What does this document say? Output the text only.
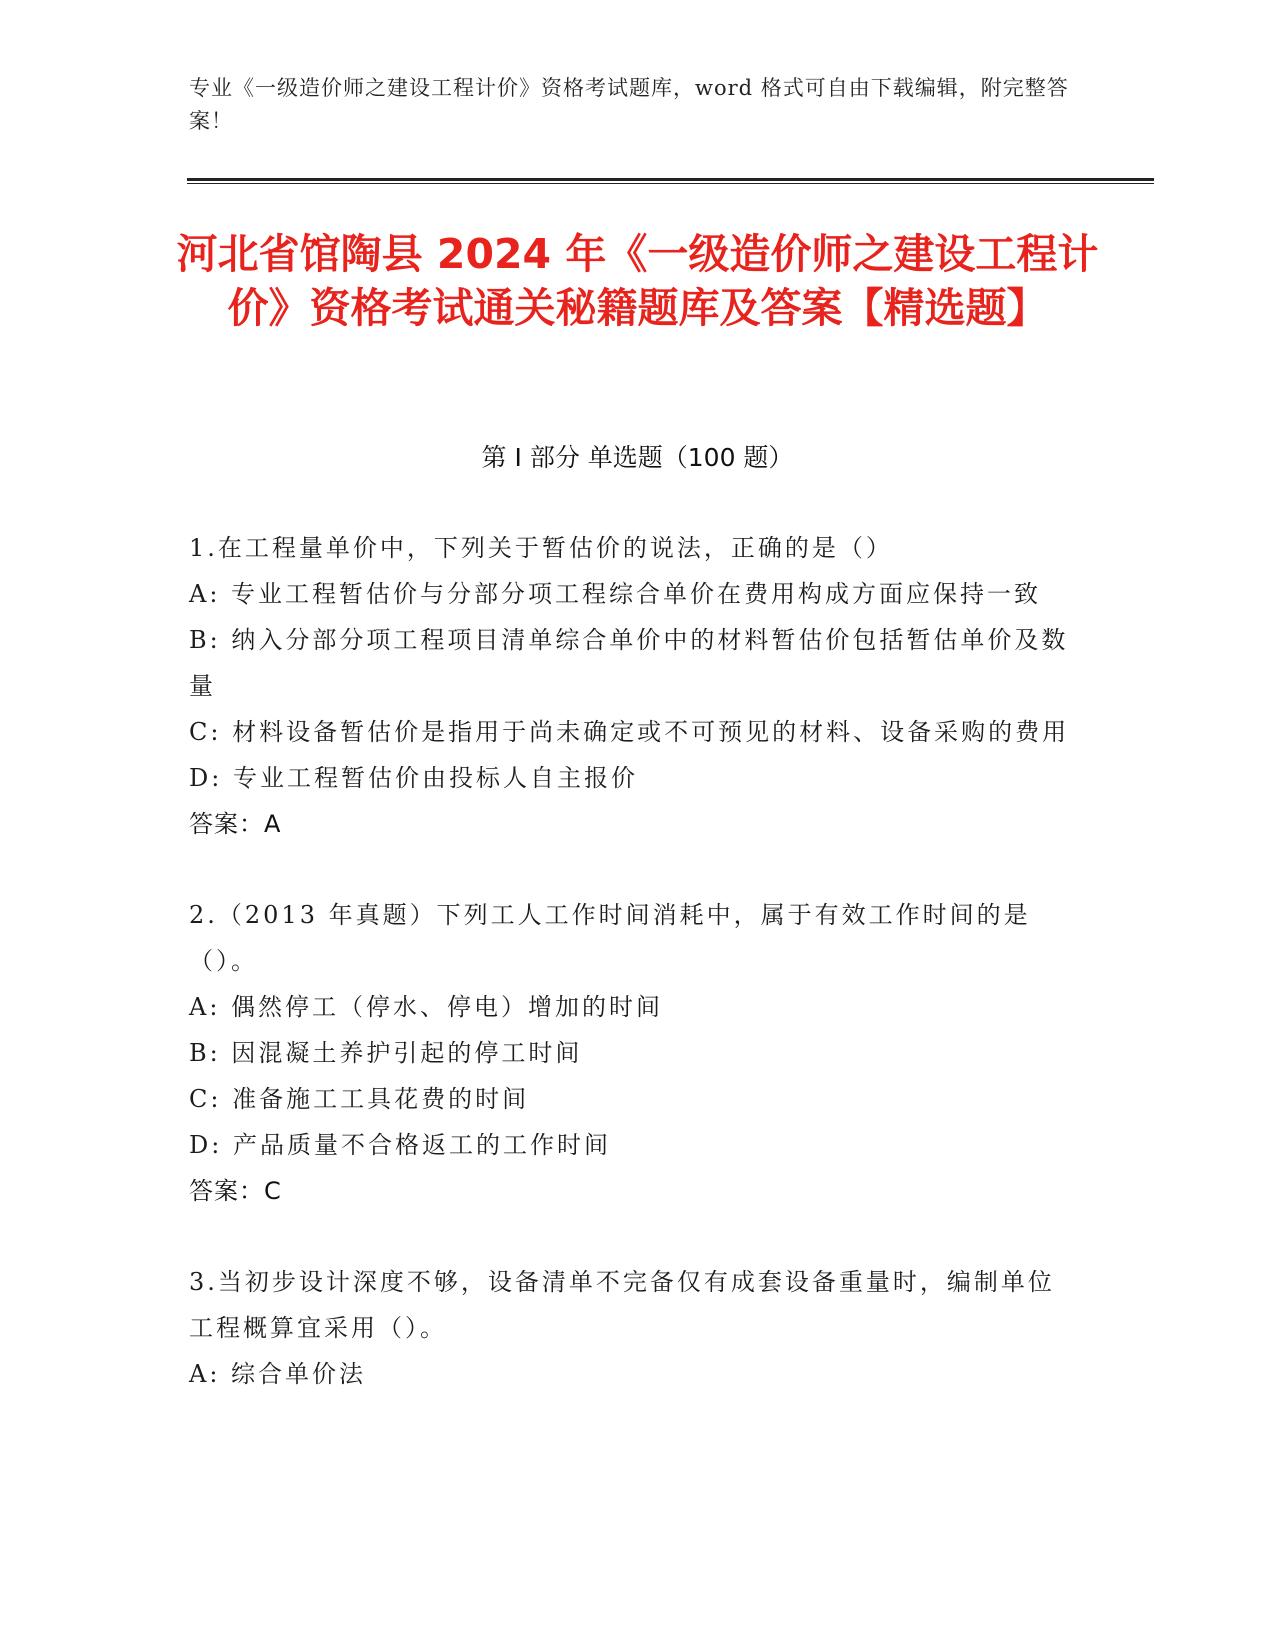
专业《一级造价师之建设工程计价》资格考试题库，word 格式可自由下载编辑，附完整答案！
河北省馆陶县 2024 年《一级造价师之建设工程计价》资格考试通关秘籍题库及答案【精选题】
第 I 部分 单选题（100 题）

1.在工程量单价中，下列关于暂估价的说法，正确的是（）

A: 专业工程暂估价与分部分项工程综合单价在费用构成方面应保持一致

B: 纳入分部分项工程项目清单综合单价中的材料暂估价包括暂估单价及数量

C: 材料设备暂估价是指用于尚未确定或不可预见的材料、设备采购的费用

D: 专业工程暂估价由投标人自主报价

答案：A

2.（2013 年真题）下列工人工作时间消耗中，属于有效工作时间的是（）。

A: 偶然停工（停水、停电）增加的时间

B: 因混凝土养护引起的停工时间

C: 准备施工工具花费的时间

D: 产品质量不合格返工的工作时间

答案：C

3.当初步设计深度不够，设备清单不完备仅有成套设备重量时，编制单位工程概算宜采用（）。

A: 综合单价法
